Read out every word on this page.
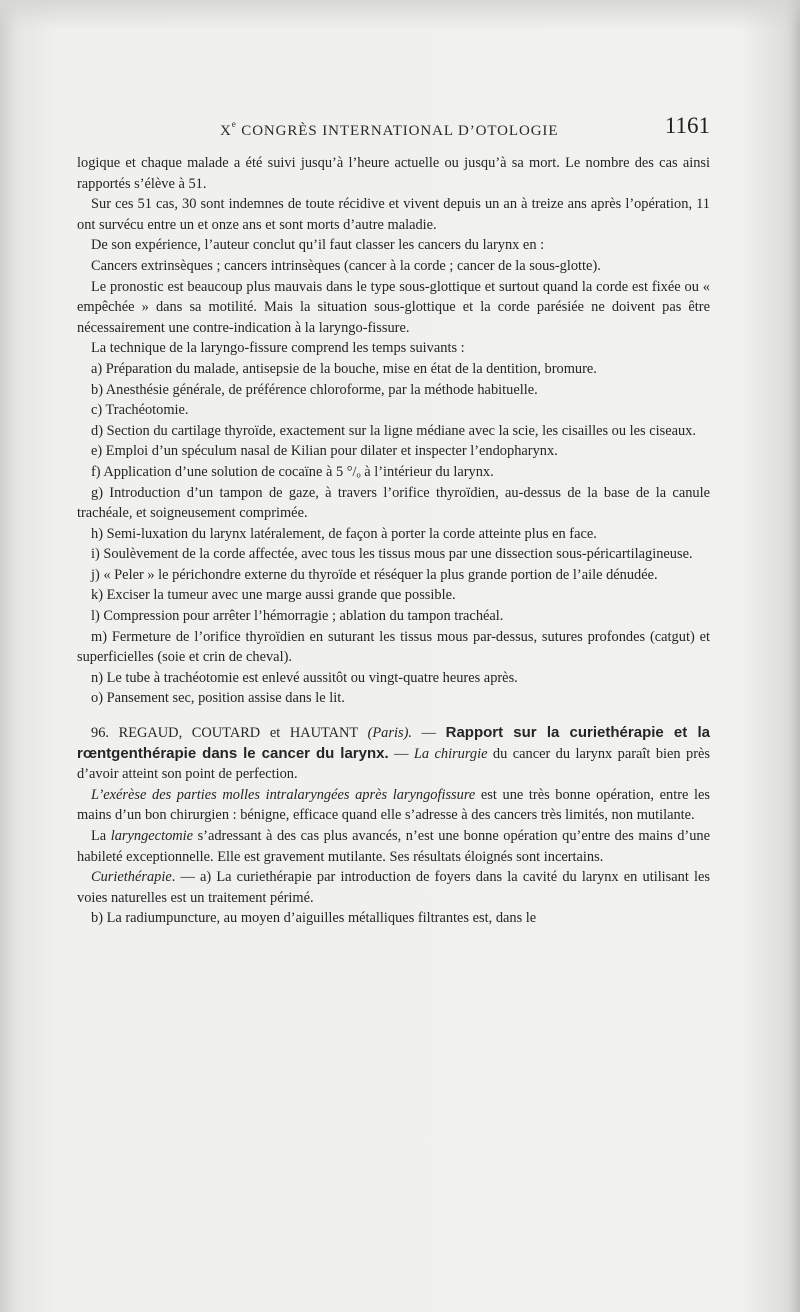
Xe CONGRÈS INTERNATIONAL D’OTOLOGIE	1161

logique et chaque malade a été suivi jusqu’à l’heure actuelle ou jusqu’à sa mort. Le nombre des cas ainsi rapportés s’élève à 51.

Sur ces 51 cas, 30 sont indemnes de toute récidive et vivent depuis un an à treize ans après l’opération, 11 ont survécu entre un et onze ans et sont morts d’autre maladie.

De son expérience, l’auteur conclut qu’il faut classer les cancers du larynx en :

Cancers extrinsèques ; cancers intrinsèques (cancer à la corde ; cancer de la sous-glotte).

Le pronostic est beaucoup plus mauvais dans le type sous-glottique et surtout quand la corde est fixée ou « empêchée » dans sa motilité. Mais la situation sous-glottique et la corde parésiée ne doivent pas être nécessairement une contre-indication à la laryngo-fissure.

La technique de la laryngo-fissure comprend les temps suivants :

a) Préparation du malade, antisepsie de la bouche, mise en état de la dentition, bromure.

b) Anesthésie générale, de préférence chloroforme, par la méthode habituelle.

c) Trachéotomie.

d) Section du cartilage thyroïde, exactement sur la ligne médiane avec la scie, les cisailles ou les ciseaux.

e) Emploi d’un spéculum nasal de Kilian pour dilater et inspecter l’endopharynx.

f) Application d’une solution de cocaïne à 5 °/ₒ à l’intérieur du larynx.

g) Introduction d’un tampon de gaze, à travers l’orifice thyroïdien, au-dessus de la base de la canule trachéale, et soigneusement comprimée.

h) Semi-luxation du larynx latéralement, de façon à porter la corde atteinte plus en face.

i) Soulèvement de la corde affectée, avec tous les tissus mous par une dissection sous-péricartilagineuse.

j) « Peler » le périchondre externe du thyroïde et réséquer la plus grande portion de l’aile dénudée.

k) Exciser la tumeur avec une marge aussi grande que possible.

l) Compression pour arrêter l’hémorragie ; ablation du tampon trachéal.

m) Fermeture de l’orifice thyroïdien en suturant les tissus mous par-dessus, sutures profondes (catgut) et superficielles (soie et crin de cheval).

n) Le tube à trachéotomie est enlevé aussitôt ou vingt-quatre heures après.

o) Pansement sec, position assise dans le lit.

96. REGAUD, COUTARD et HAUTANT (Paris). — Rapport sur la curiethérapie et la rœntgenthérapie dans le cancer du larynx. — La chirurgie du cancer du larynx paraît bien près d’avoir atteint son point de perfection.

L’exérèse des parties molles intralaryngées après laryngofissure est une très bonne opération, entre les mains d’un bon chirurgien : bénigne, efficace quand elle s’adresse à des cancers très limités, non mutilante.

La laryngectomie s’adressant à des cas plus avancés, n’est une bonne opération qu’entre des mains d’une habileté exceptionnelle. Elle est gravement mutilante. Ses résultats éloignés sont incertains.

Curiethérapie. — a) La curiethérapie par introduction de foyers dans la cavité du larynx en utilisant les voies naturelles est un traitement périmé.

b) La radiumpuncture, au moyen d’aiguilles métalliques filtrantes est, dans le
